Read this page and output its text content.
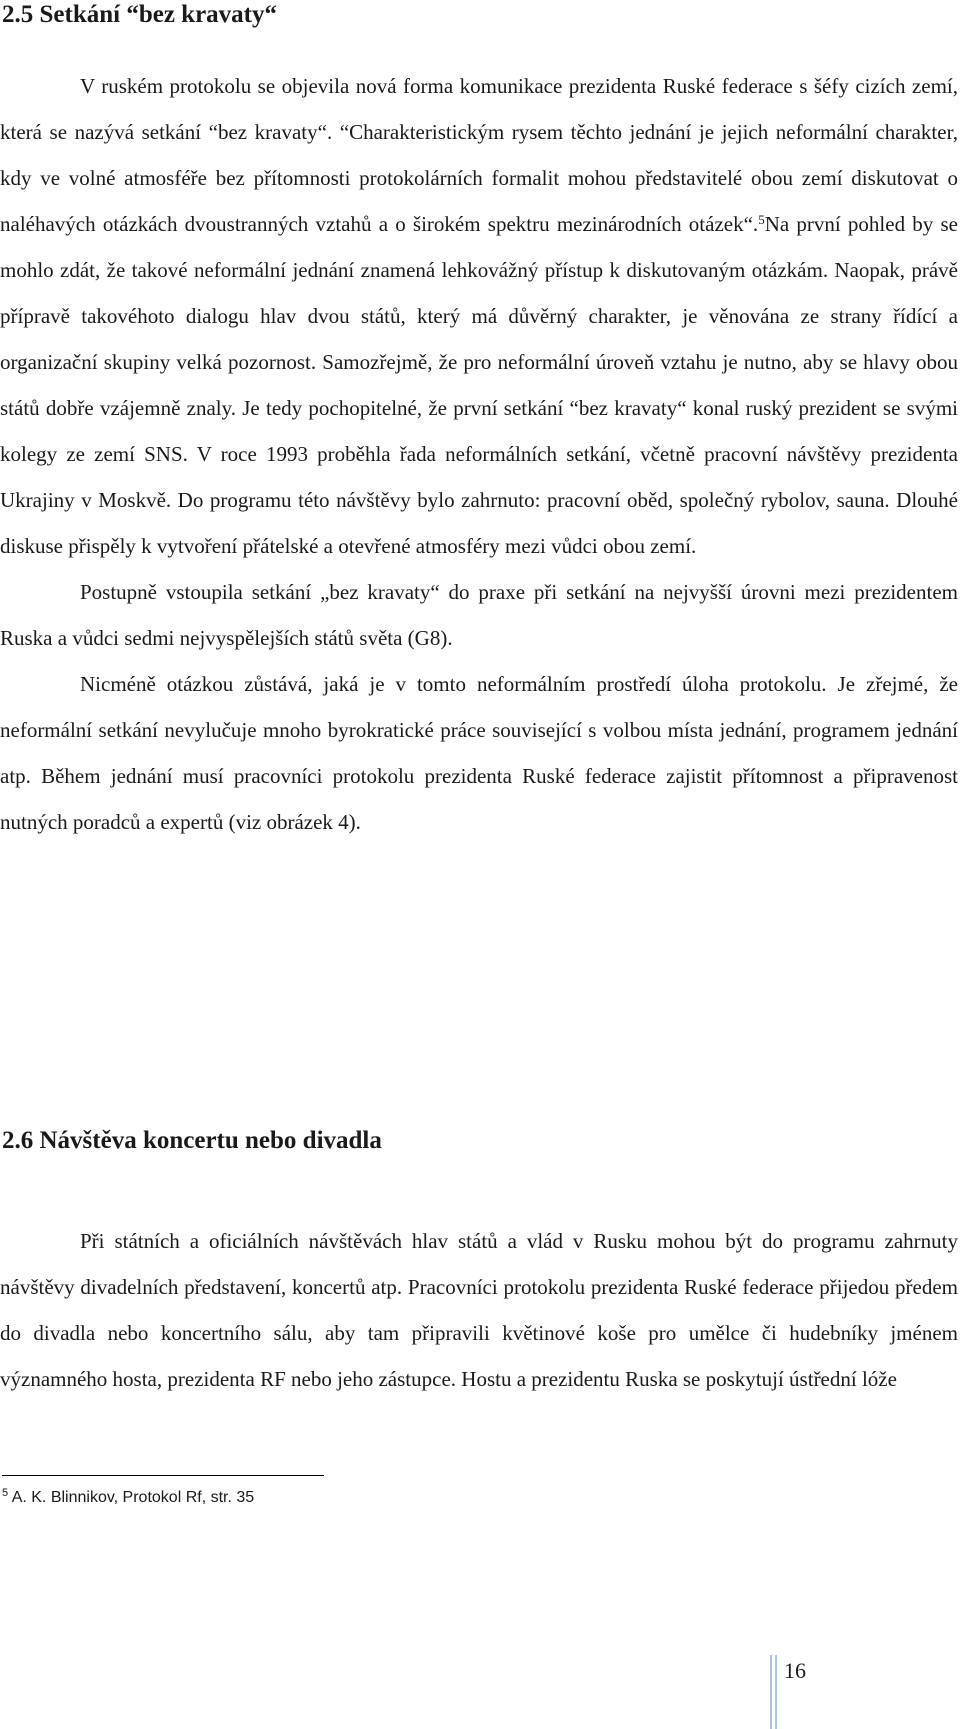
2.5 Setkání “bez kravaty“

V ruském protokolu se objevila nová forma komunikace prezidenta Ruské federace s šéfy cizích zemí, která se nazývá setkání “bez kravaty“. “Charakteristickým rysem těchto jednání je jejich neformální charakter, kdy ve volné atmosféře bez přítomnosti protokolárních formalit mohou představitelé obou zemí diskutovat o naléhavých otázkách dvoustranných vztahů a o širokém spektru mezinárodních otázek“.$^5$Na první pohled by se mohlo zdát, že takové neformální jednání znamená lehkovážný přístup k diskutovaným otázkám. Naopak, právě přípravě takovéhoto dialogu hlav dvou států, který má důvěrný charakter, je věnována ze strany řídící a organizační skupiny velká pozornost. Samozřejmě, že pro neformální úroveň vztahu je nutno, aby se hlavy obou států dobře vzájemně znaly. Je tedy pochopitelné, že první setkání “bez kravaty“ konal ruský prezident se svými kolegy ze zemí SNS. V roce 1993 proběhla řada neformálních setkání, včetně pracovní návštěvy prezidenta Ukrajiny v Moskvě. Do programu této návštěvy bylo zahrnuto: pracovní oběd, společný rybolov, sauna. Dlouhé diskuse přispěly k vytvoření přátelské a otevřené atmosféry mezi vůdci obou zemí.

Postupně vstoupila setkání „bez kravaty“ do praxe při setkání na nejvyšší úrovni mezi prezidentem Ruska a vůdci sedmi nejvyspělejších států světa (G8).

Nicméně otázkou zůstává, jaká je v tomto neformálním prostředí úloha protokolu. Je zřejmé, že neformální setkání nevylučuje mnoho byrokratické práce související s volbou místa jednání, programem jednání atp. Během jednání musí pracovníci protokolu prezidenta Ruské federace zajistit přítomnost a připravenost nutných poradců a expertů (viz obrázek 4).

2.6 Návštěva koncertu nebo divadla

Při státních a oficiálních návštěvách hlav států a vlád v Rusku mohou být do programu zahrnuty návštěvy divadelních představení, koncertů atp. Pracovníci protokolu prezidenta Ruské federace přijedou předem do divadla nebo koncertního sálu, aby tam připravili květinové koše pro umělce či hudebníky jménem významného hosta, prezidenta RF nebo jeho zástupce. Hostu a prezidentu Ruska se poskytují ústřední lóže

$^5$ A. K. Blinnikov, Protokol Rf, str. 35
16
